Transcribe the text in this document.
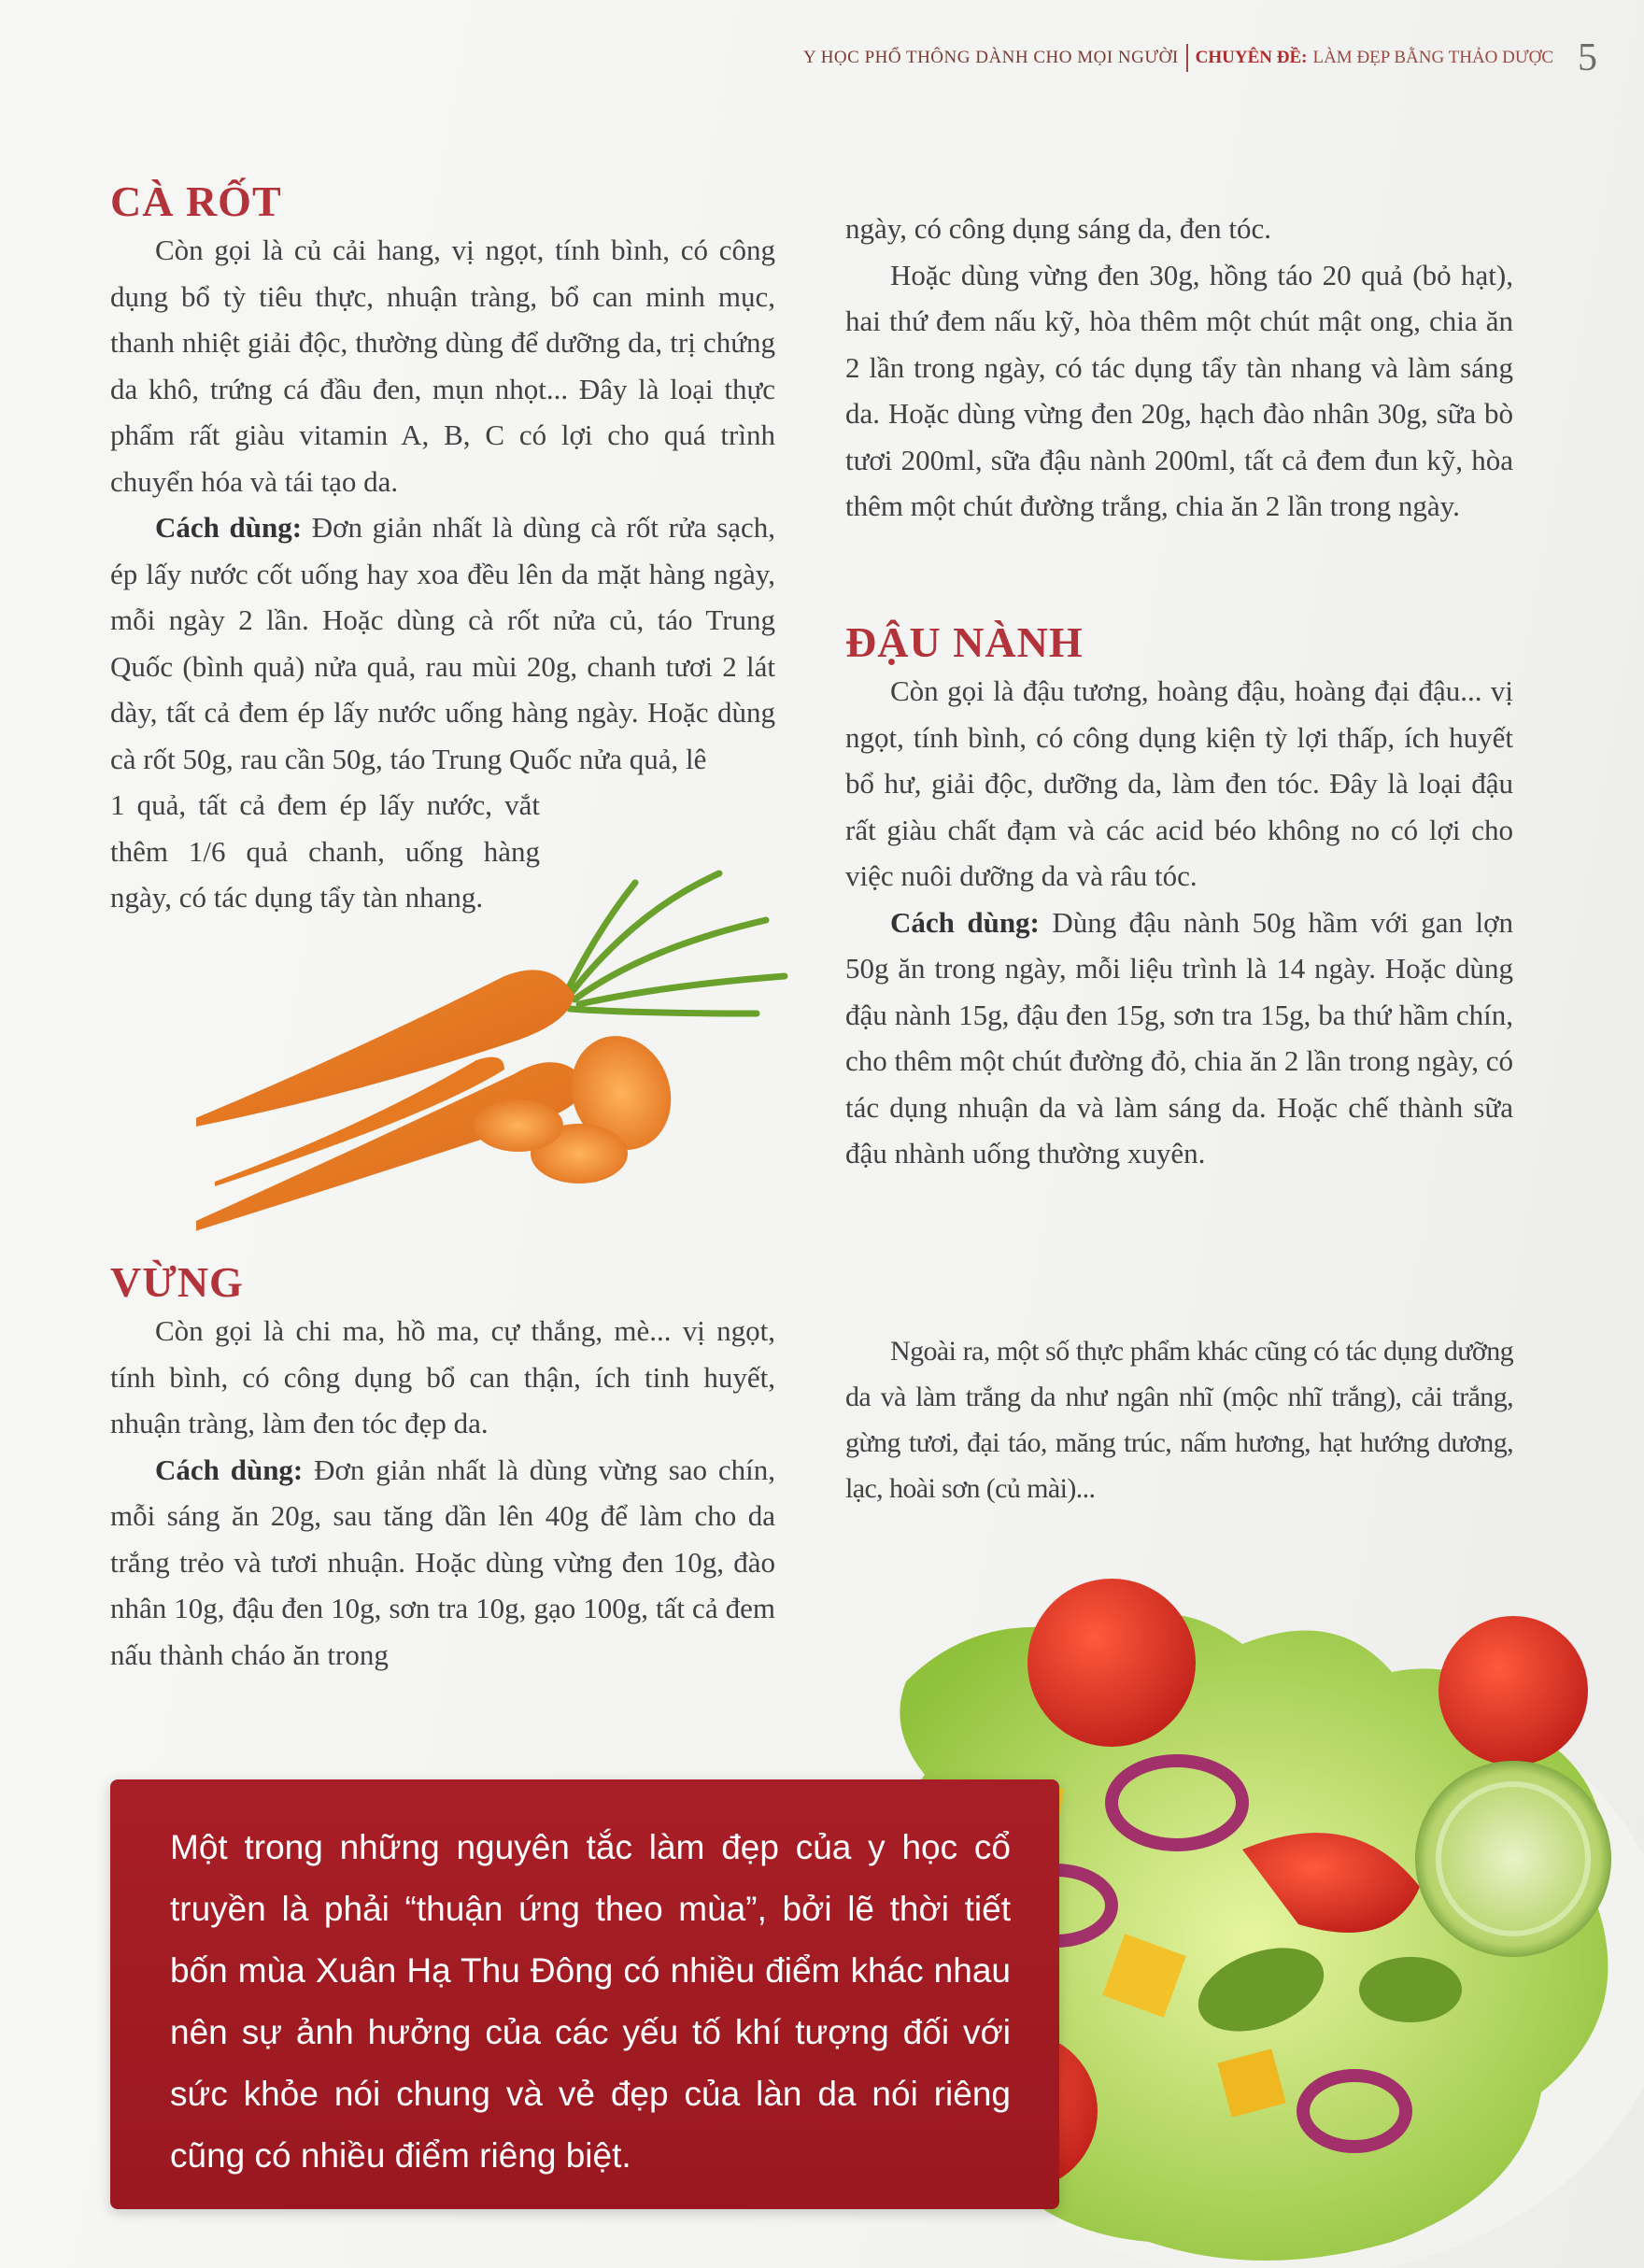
Y HỌC PHỔ THÔNG DÀNH CHO MỌI NGƯỜI CHUYÊN ĐỀ: LÀM ĐẸP BẰNG THẢO DƯỢC 5
CÀ RỐT

Còn gọi là củ cải hang, vị ngọt, tính bình, có công dụng bổ tỳ tiêu thực, nhuận tràng, bổ can minh mục, thanh nhiệt giải độc, thường dùng để dưỡng da, trị chứng da khô, trứng cá đầu đen, mụn nhọt... Đây là loại thực phẩm rất giàu vitamin A, B, C có lợi cho quá trình chuyển hóa và tái tạo da.

Cách dùng: Đơn giản nhất là dùng cà rốt rửa sạch, ép lấy nước cốt uống hay xoa đều lên da mặt hàng ngày, mỗi ngày 2 lần. Hoặc dùng cà rốt nửa củ, táo Trung Quốc (bình quả) nửa quả, rau mùi 20g, chanh tươi 2 lát dày, tất cả đem ép lấy nước uống hàng ngày. Hoặc dùng cà rốt 50g, rau cần 50g, táo Trung Quốc nửa quả, lê

1 quả, tất cả đem ép lấy nước, vắt thêm 1/6 quả chanh, uống hàng ngày, có tác dụng tẩy tàn nhang.

VỪNG

Còn gọi là chi ma, hồ ma, cự thắng, mè... vị ngọt, tính bình, có công dụng bổ can thận, ích tinh huyết, nhuận tràng, làm đen tóc đẹp da.

Cách dùng: Đơn giản nhất là dùng vừng sao chín, mỗi sáng ăn 20g, sau tăng dần lên 40g để làm cho da trắng trẻo và tươi nhuận. Hoặc dùng vừng đen 10g, đào nhân 10g, đậu đen 10g, sơn tra 10g, gạo 100g, tất cả đem nấu thành cháo ăn trong

ngày, có công dụng sáng da, đen tóc.

Hoặc dùng vừng đen 30g, hồng táo 20 quả (bỏ hạt), hai thứ đem nấu kỹ, hòa thêm một chút mật ong, chia ăn 2 lần trong ngày, có tác dụng tẩy tàn nhang và làm sáng da. Hoặc dùng vừng đen 20g, hạch đào nhân 30g, sữa bò tươi 200ml, sữa đậu nành 200ml, tất cả đem đun kỹ, hòa thêm một chút đường trắng, chia ăn 2 lần trong ngày.

ĐẬU NÀNH

Còn gọi là đậu tương, hoàng đậu, hoàng đại đậu... vị ngọt, tính bình, có công dụng kiện tỳ lợi thấp, ích huyết bổ hư, giải độc, dưỡng da, làm đen tóc. Đây là loại đậu rất giàu chất đạm và các acid béo không no có lợi cho việc nuôi dưỡng da và râu tóc.

Cách dùng: Dùng đậu nành 50g hầm với gan lợn 50g ăn trong ngày, mỗi liệu trình là 14 ngày. Hoặc dùng đậu nành 15g, đậu đen 15g, sơn tra 15g, ba thứ hầm chín, cho thêm một chút đường đỏ, chia ăn 2 lần trong ngày, có tác dụng nhuận da và làm sáng da. Hoặc chế thành sữa đậu nhành uống thường xuyên.

Ngoài ra, một số thực phẩm khác cũng có tác dụng dưỡng da và làm trắng da như ngân nhĩ (mộc nhĩ trắng), cải trắng, gừng tươi, đại táo, măng trúc, nấm hương, hạt hướng dương, lạc, hoài sơn (củ mài)...

Một trong những nguyên tắc làm đẹp của y học cổ truyền là phải “thuận ứng theo mùa”, bởi lẽ thời tiết bốn mùa Xuân Hạ Thu Đông có nhiều điểm khác nhau nên sự ảnh hưởng của các yếu tố khí tượng đối với sức khỏe nói chung và vẻ đẹp của làn da nói riêng cũng có nhiều điểm riêng biệt.
